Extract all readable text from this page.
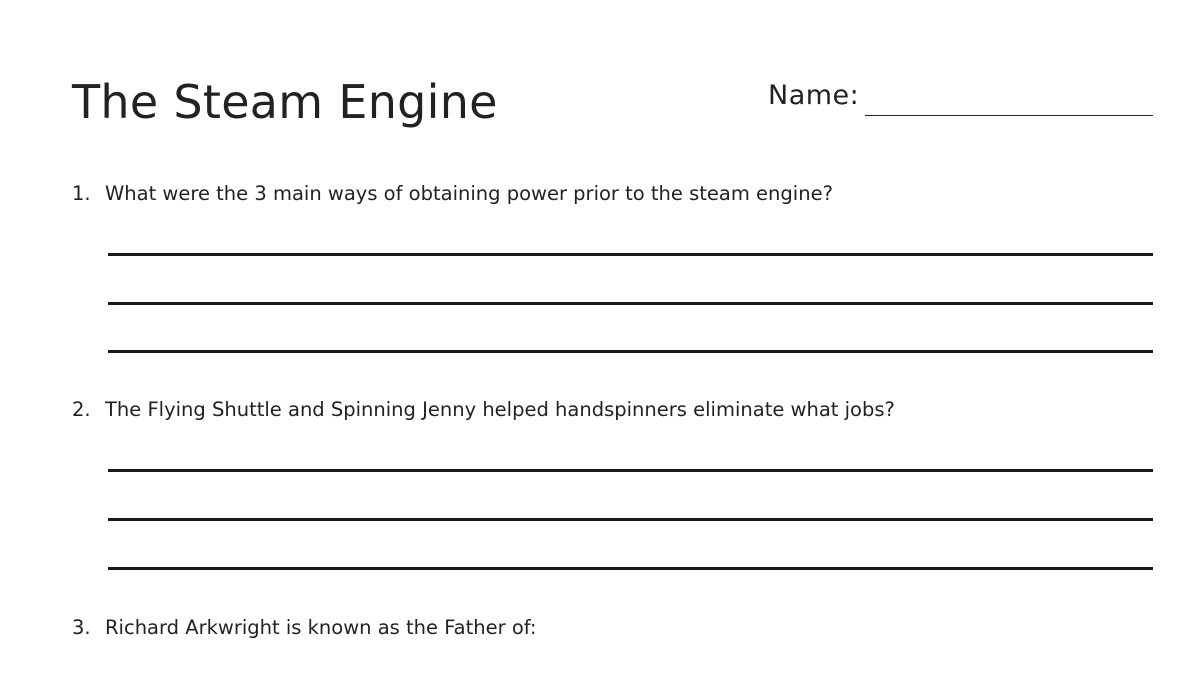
The Steam Engine	Name:
1. What were the 3 main ways of obtaining power prior to the steam engine?
2. The Flying Shuttle and Spinning Jenny helped handspinners eliminate what jobs?
3. Richard Arkwright is known as the Father of:
